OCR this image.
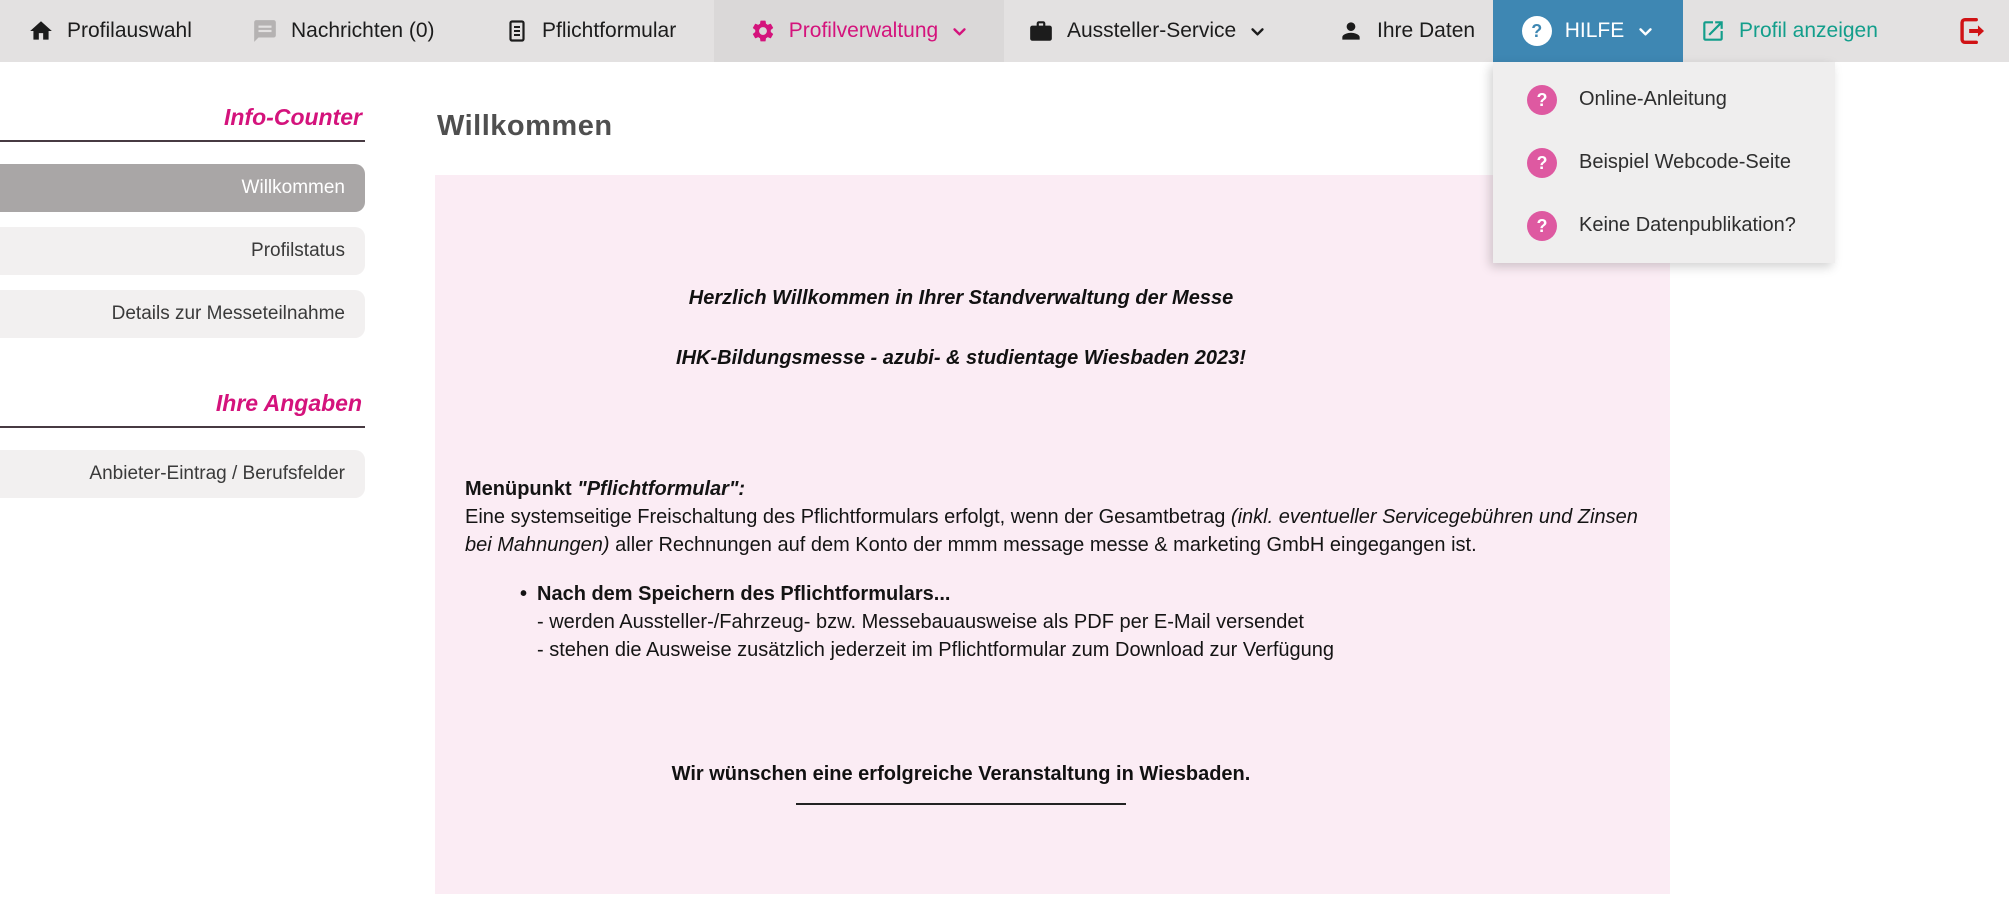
Profilauswahl	Nachrichten (0)	Pflichtformular	Profilverwaltung	Aussteller-Service	Ihre Daten	?	HILFE	Profil anzeigen
?	Online-Anleitung
?	Beispiel Webcode-Seite
?	Keine Datenpublikation?
Info-Counter
Willkommen
Profilstatus
Details zur Messeteilnahme
Ihre Angaben
Anbieter-Eintrag / Berufsfelder
Willkommen
Herzlich Willkommen in Ihrer Standverwaltung der Messe
IHK-Bildungsmesse - azubi- & studientage Wiesbaden 2023!

Menüpunkt "Pflichtformular":
Eine systemseitige Freischaltung des Pflichtformulars erfolgt, wenn der Gesamtbetrag (inkl. eventueller Servicegebühren und Zinsen bei Mahnungen) aller Rechnungen auf dem Konto der mmm message messe & marketing GmbH eingegangen ist.

• Nach dem Speichern des Pflichtformulars...
- werden Aussteller-/Fahrzeug- bzw. Messebauausweise als PDF per E-Mail versendet
- stehen die Ausweise zusätzlich jederzeit im Pflichtformular zum Download zur Verfügung
Wir wünschen eine erfolgreiche Veranstaltung in Wiesbaden.
